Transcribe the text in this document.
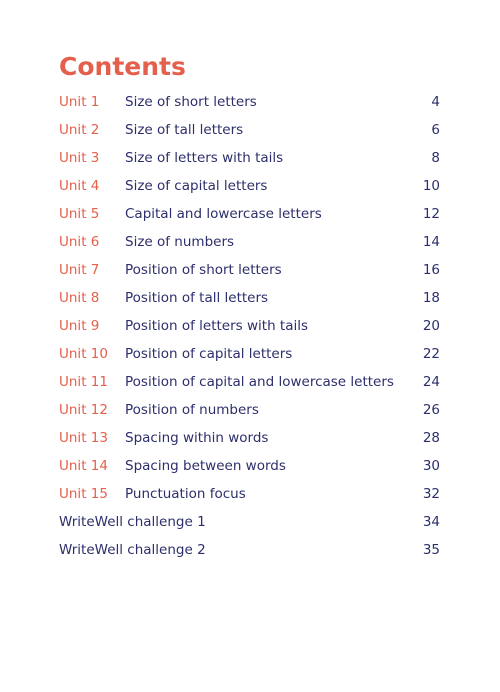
Contents
Unit 1 Size of short letters	4
Unit 2 Size of tall letters	6
Unit 3 Size of letters with tails	8
Unit 4 Size of capital letters	10
Unit 5 Capital and lowercase letters	12
Unit 6 Size of numbers	14
Unit 7 Position of short letters	16
Unit 8 Position of tall letters	18
Unit 9 Position of letters with tails	20
Unit 10 Position of capital letters	22
Unit 11 Position of capital and lowercase letters 24
Unit 12 Position of numbers	26
Unit 13 Spacing within words	28
Unit 14 Spacing between words	30
Unit 15 Punctuation focus	32
WriteWell challenge 1	34
WriteWell challenge 2	35
